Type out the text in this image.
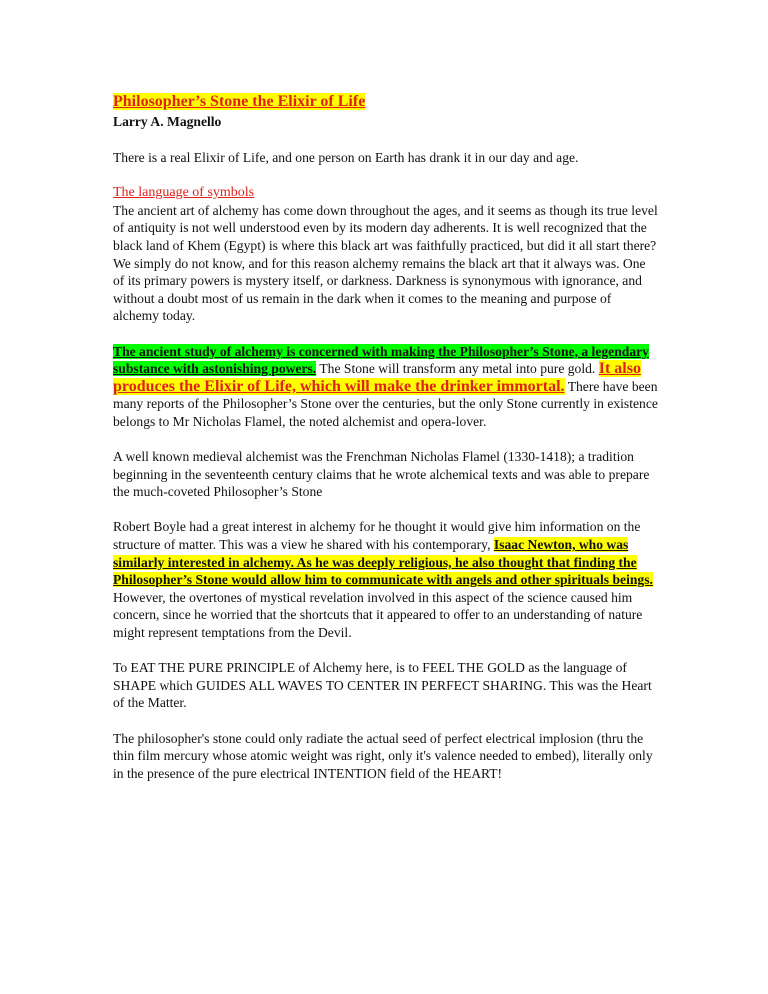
Philosopher’s Stone the Elixir of Life
Larry A. Magnello

There is a real Elixir of Life, and one person on Earth has drank it in our day and age.

The language of symbols

The ancient art of alchemy has come down throughout the ages, and it seems as though its true level of antiquity is not well understood even by its modern day adherents. It is well recognized that the black land of Khem (Egypt) is where this black art was faithfully practiced, but did it all start there? We simply do not know, and for this reason alchemy remains the black art that it always was. One of its primary powers is mystery itself, or darkness. Darkness is synonymous with ignorance, and without a doubt most of us remain in the dark when it comes to the meaning and purpose of alchemy today.

The ancient study of alchemy is concerned with making the Philosopher’s Stone, a legendary substance with astonishing powers. The Stone will transform any metal into pure gold. It also produces the Elixir of Life, which will make the drinker immortal. There have been many reports of the Philosopher’s Stone over the centuries, but the only Stone currently in existence belongs to Mr Nicholas Flamel, the noted alchemist and opera-lover.

A well known medieval alchemist was the Frenchman Nicholas Flamel (1330-1418); a tradition beginning in the seventeenth century claims that he wrote alchemical texts and was able to prepare the much-coveted Philosopher’s Stone

Robert Boyle had a great interest in alchemy for he thought it would give him information on the structure of matter. This was a view he shared with his contemporary, Isaac Newton, who was similarly interested in alchemy. As he was deeply religious, he also thought that finding the Philosopher’s Stone would allow him to communicate with angels and other spirituals beings. However, the overtones of mystical revelation involved in this aspect of the science caused him concern, since he worried that the shortcuts that it appeared to offer to an understanding of nature might represent temptations from the Devil.

To EAT THE PURE PRINCIPLE of Alchemy here, is to FEEL THE GOLD as the language of SHAPE which GUIDES ALL WAVES TO CENTER IN PERFECT SHARING. This was the Heart of the Matter.

The philosopher's stone could only radiate the actual seed of perfect electrical implosion (thru the thin film mercury whose atomic weight was right, only it's valence needed to embed), literally only in the presence of the pure electrical INTENTION field of the HEART!
